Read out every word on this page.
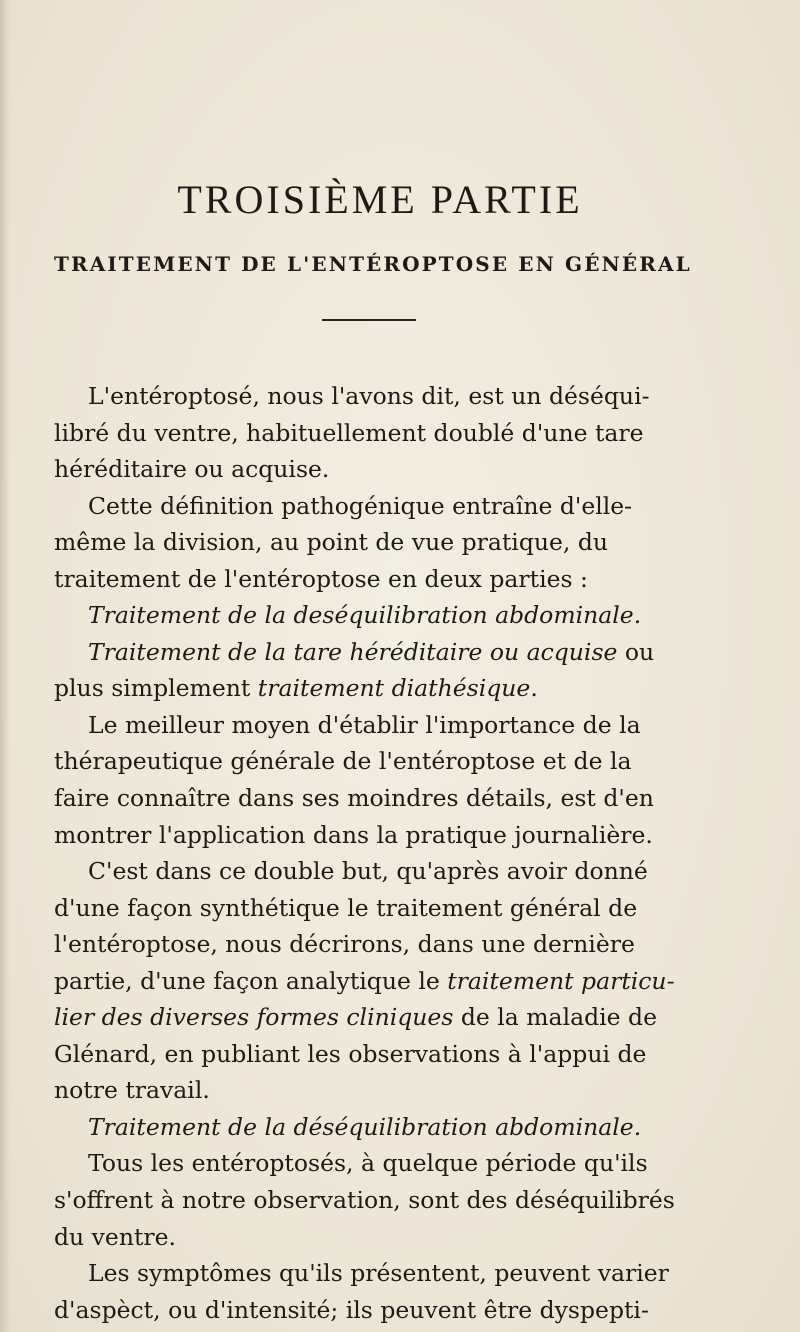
TROISIÈME PARTIE
TRAITEMENT DE L'ENTÉROPTOSE EN GÉNÉRAL
L'entéroptosé, nous l'avons dit, est un déséqui-
libré du ventre, habituellement doublé d'une tare
héréditaire ou acquise.
Cette définition pathogénique entraîne d'elle-
même la division, au point de vue pratique, du
traitement de l'entéroptose en deux parties :
Traitement de la deséquilibration abdominale.
Traitement de la tare héréditaire ou acquise ou
plus simplement traitement diathésique.
Le meilleur moyen d'établir l'importance de la
thérapeutique générale de l'entéroptose et de la
faire connaître dans ses moindres détails, est d'en
montrer l'application dans la pratique journalière.
C'est dans ce double but, qu'après avoir donné
d'une façon synthétique le traitement général de
l'entéroptose, nous décrirons, dans une dernière
partie, d'une façon analytique le traitement particu-
lier des diverses formes cliniques de la maladie de
Glénard, en publiant les observations à l'appui de
notre travail.
Traitement de la déséquilibration abdominale.
Tous les entéroptosés, à quelque période qu'ils
s'offrent à notre observation, sont des déséquilibrés
du ventre.
Les symptômes qu'ils présentent, peuvent varier
d'aspèct, ou d'intensité; ils peuvent être dyspepti-
